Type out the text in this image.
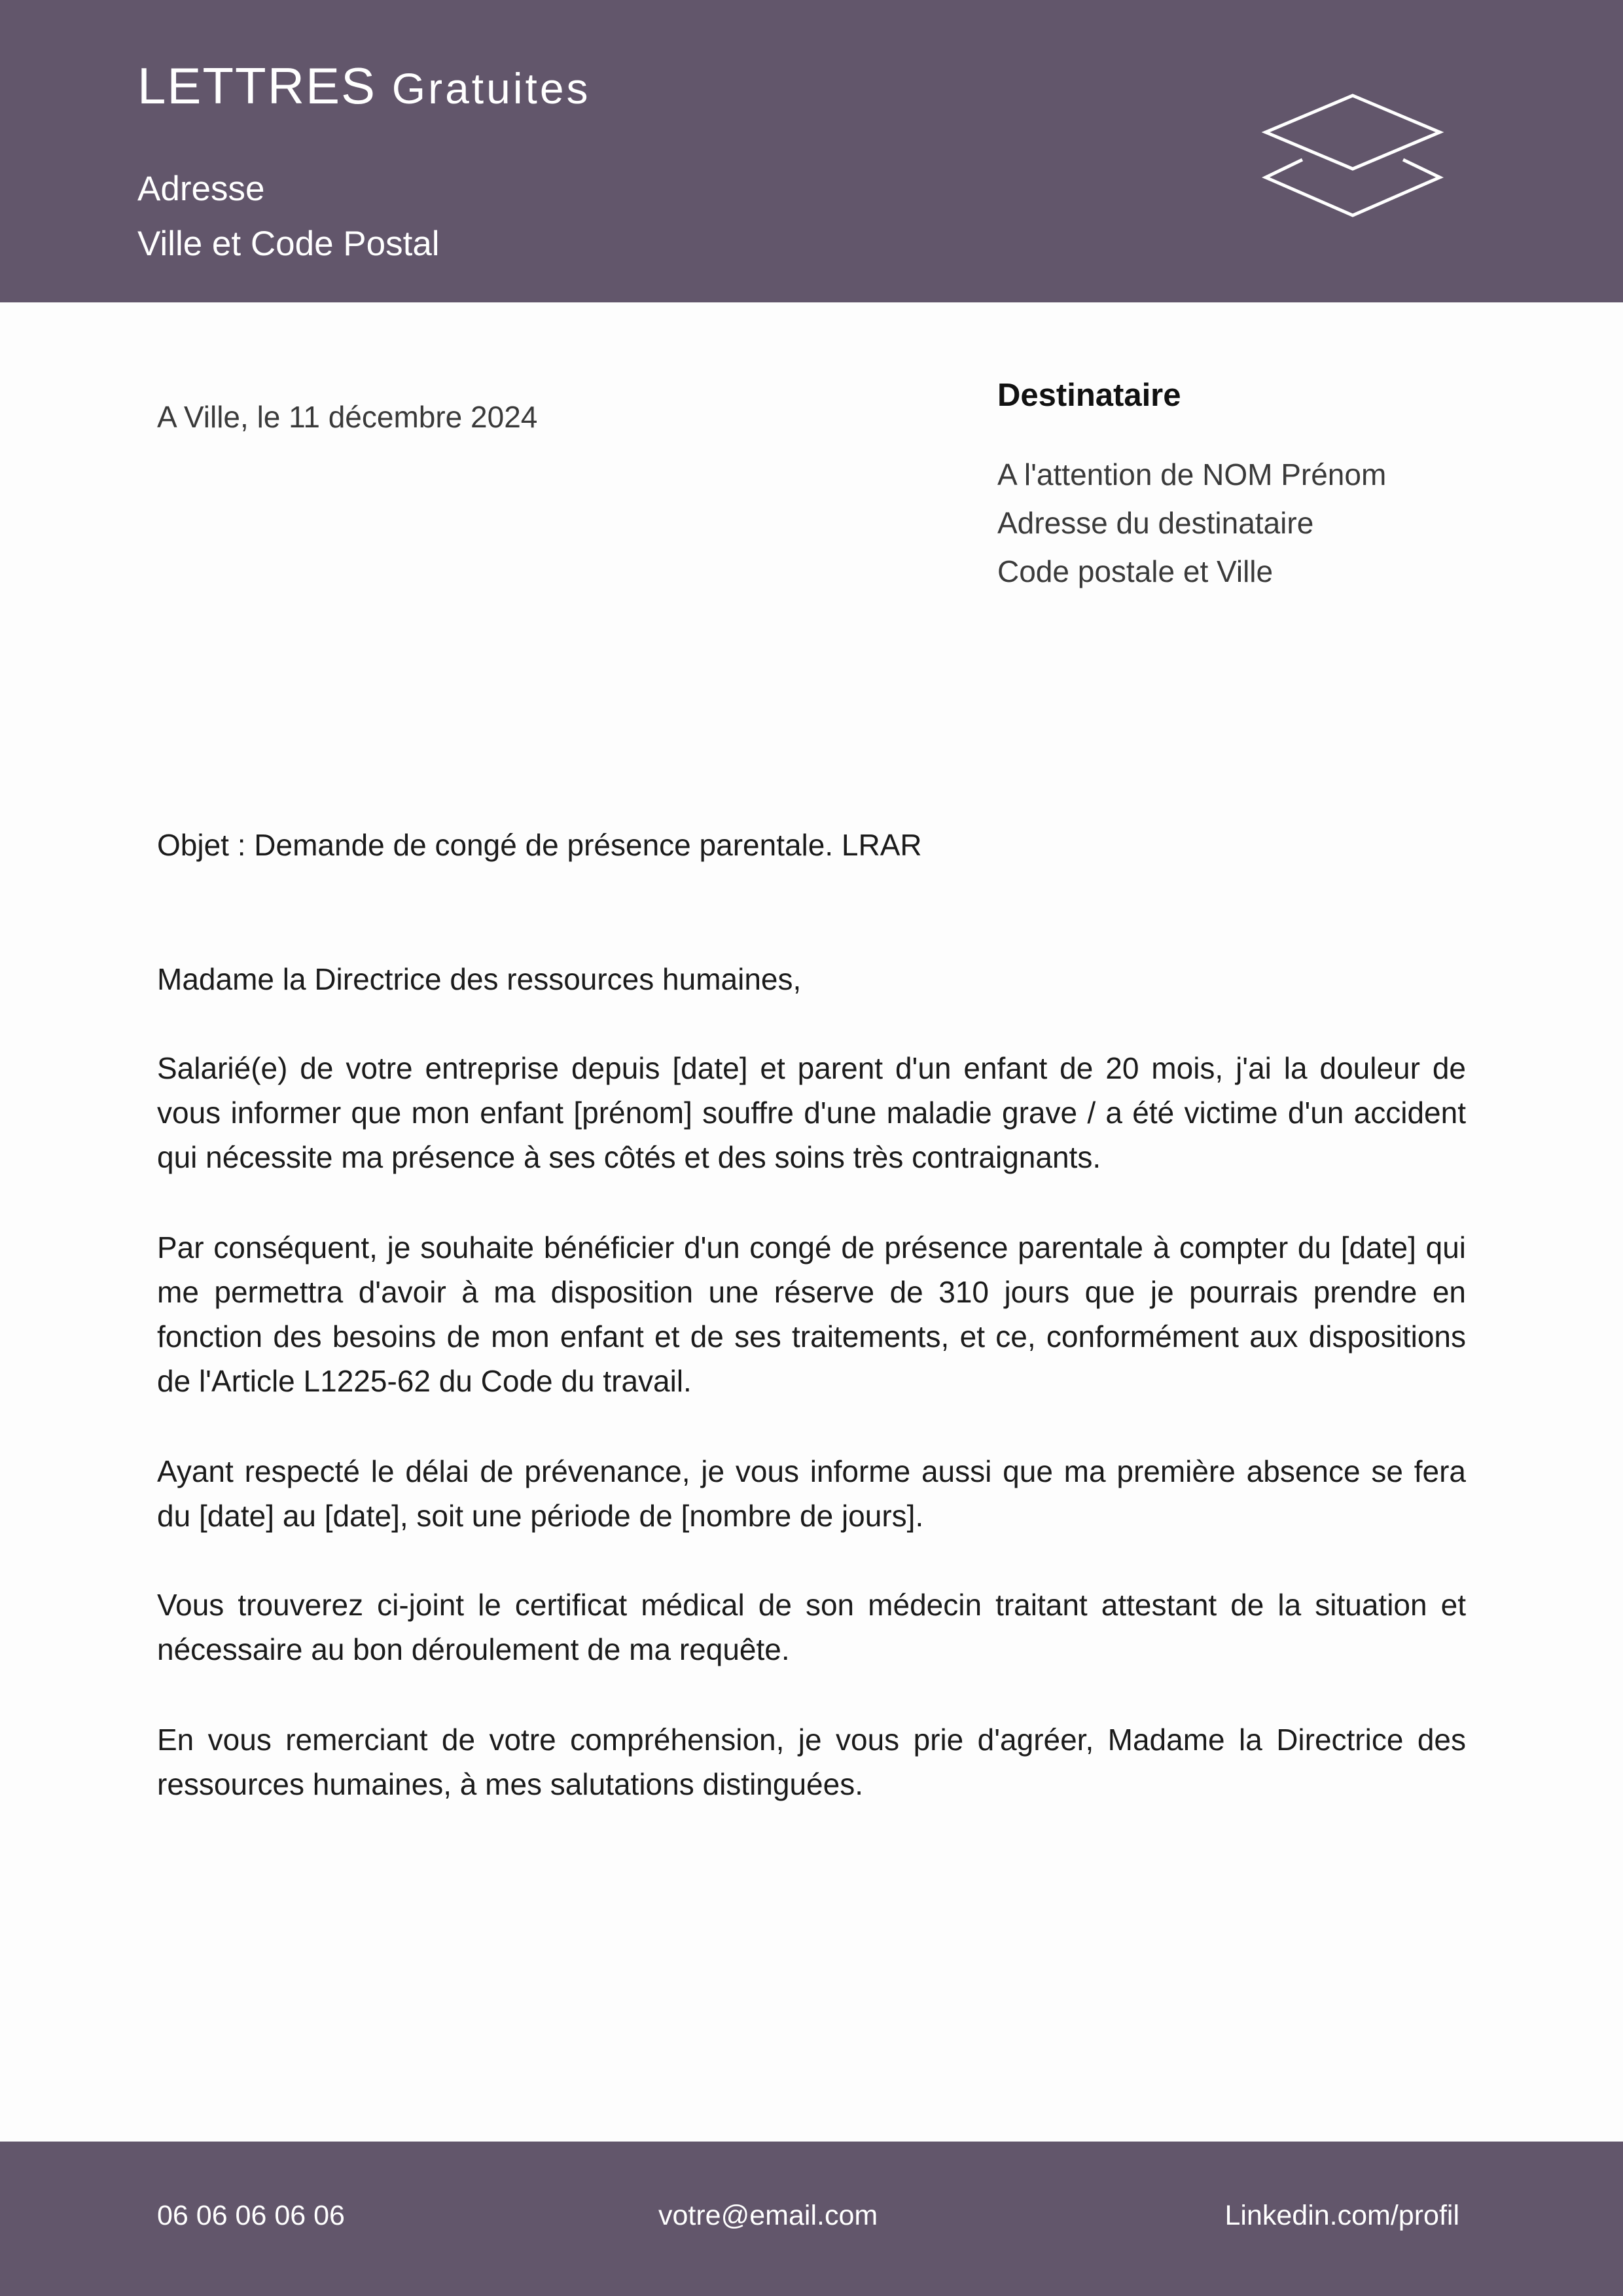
LETTRES Gratuites
Adresse
Ville et Code Postal
A Ville, le 11 décembre 2024
Destinataire
A l'attention de NOM Prénom
Adresse du destinataire
Code postale et Ville
Objet : Demande de congé de présence parentale. LRAR
Madame la Directrice des ressources humaines,
Salarié(e) de votre entreprise depuis [date] et parent d'un enfant de 20 mois, j'ai la douleur de vous informer que mon enfant [prénom] souffre d'une maladie grave / a été victime d'un accident qui nécessite ma présence à ses côtés et des soins très contraignants.
Par conséquent, je souhaite bénéficier d'un congé de présence parentale à compter du [date] qui me permettra d'avoir à ma disposition une réserve de 310 jours que je pourrais prendre en fonction des besoins de mon enfant et de ses traitements, et ce, conformément aux dispositions de l'Article L1225-62 du Code du travail.
Ayant respecté le délai de prévenance, je vous informe aussi que ma première absence se fera du [date] au [date], soit une période de [nombre de jours].
Vous trouverez ci-joint le certificat médical de son médecin traitant attestant de la situation et nécessaire au bon déroulement de ma requête.
En vous remerciant de votre compréhension, je vous prie d'agréer, Madame la Directrice des ressources humaines, à mes salutations distinguées.
06 06 06 06 06	votre@email.com	Linkedin.com/profil
